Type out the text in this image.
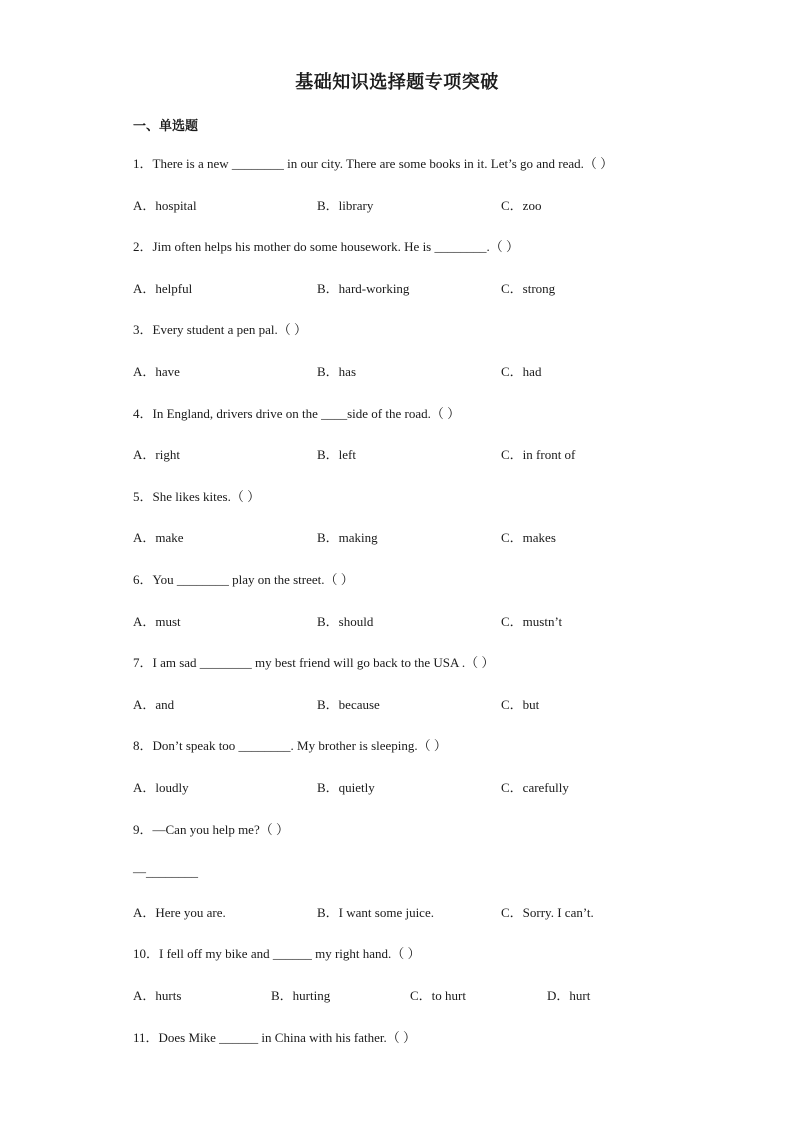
基础知识选择题专项突破
一、单选题
1．There is a new ________ in our city. There are some books in it. Let’s go and read.（ ）
A．hospital	B．library	C．zoo
2．Jim often helps his mother do some housework. He is ________.（ ）
A．helpful	B．hard-working	C．strong
3．Every student a pen pal.（ ）
A．have	B．has	C．had
4．In England, drivers drive on the ____side of the road.（ ）
A．right	B．left	C．in front of
5．She likes kites.（ ）
A．make	B．making	C．makes
6．You ________ play on the street.（ ）
A．must	B．should	C．mustn’t
7．I am sad ________ my best friend will go back to the USA .（ ）
A．and	B．because	C．but
8．Don’t speak too ________. My brother is sleeping.（ ）
A．loudly	B．quietly	C．carefully
9．—Can you help me?（ ）
—________
A．Here you are.	B．I want some juice.	C．Sorry. I can’t.
10．I fell off my bike and ______ my right hand.（ ）
A．hurts	B．hurting	C．to hurt	D．hurt
11．Does Mike ______ in China with his father.（ ）
